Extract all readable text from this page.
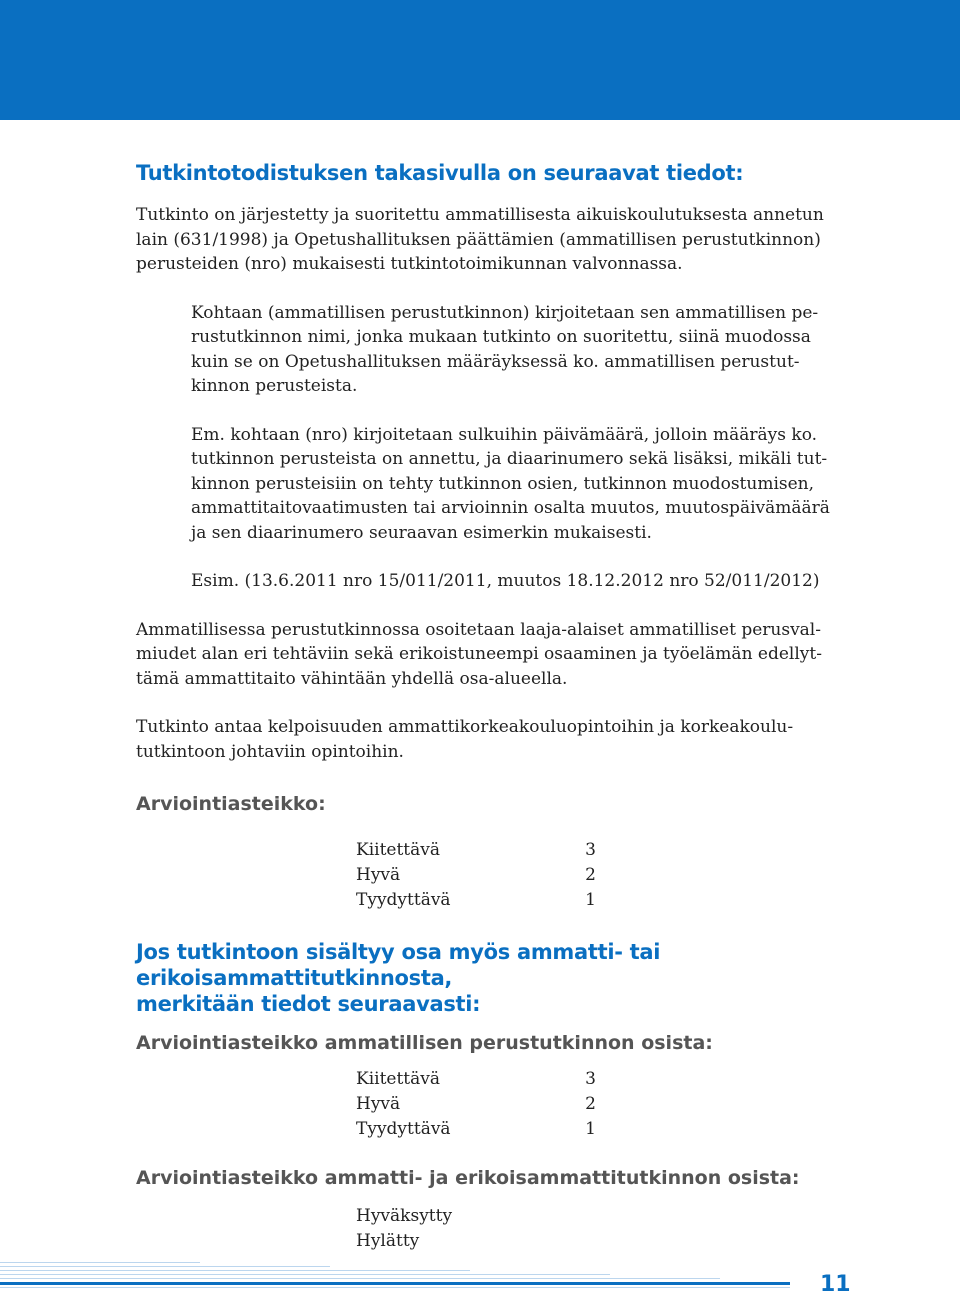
Tutkintotodistuksen takasivulla on seuraavat tiedot:

Tutkinto on järjestetty ja suoritettu ammatillisesta aikuiskoulutuksesta annetun
lain (631/1998) ja Opetushallituksen päättämien (ammatillisen perustutkinnon)
perusteiden (nro) mukaisesti tutkintotoimikunnan valvonnassa.

Kohtaan (ammatillisen perustutkinnon) kirjoitetaan sen ammatillisen pe-
rustutkinnon nimi, jonka mukaan tutkinto on suoritettu, siinä muodossa
kuin se on Opetushallituksen määräyksessä ko. ammatillisen perustut-
kinnon perusteista.

Em. kohtaan (nro) kirjoitetaan sulkuihin päivämäärä, jolloin määräys ko.
tutkinnon perusteista on annettu, ja diaarinumero sekä lisäksi, mikäli tut-
kinnon perusteisiin on tehty tutkinnon osien, tutkinnon muodostumisen,
ammattitaitovaatimusten tai arvioinnin osalta muutos, muutospäivämäärä
ja sen diaarinumero seuraavan esimerkin mukaisesti.

Esim. (13.6.2011 nro 15/011/2011, muutos 18.12.2012 nro 52/011/2012)

Ammatillisessa perustutkinnossa osoitetaan laaja-alaiset ammatilliset perusval-
miudet alan eri tehtäviin sekä erikoistuneempi osaaminen ja työelämän edellyt-
tämä ammattitaito vähintään yhdellä osa-alueella.

Tutkinto antaa kelpoisuuden ammattikorkeakouluopintoihin ja korkeakoulu-
tutkintoon johtaviin opintoihin.

Arviointiasteikko:
Kiitettävä	3
Hyvä	2
Tyydyttävä	1
Jos tutkintoon sisältyy osa myös ammatti- tai erikoisammattitutkinnosta,
merkitään tiedot seuraavasti:
Arviointiasteikko ammatillisen perustutkinnon osista:
Kiitettävä	3
Hyvä	2
Tyydyttävä	1
Arviointiasteikko ammatti- ja erikoisammattitutkinnon osista:
Hyväksytty
Hylätty
11
